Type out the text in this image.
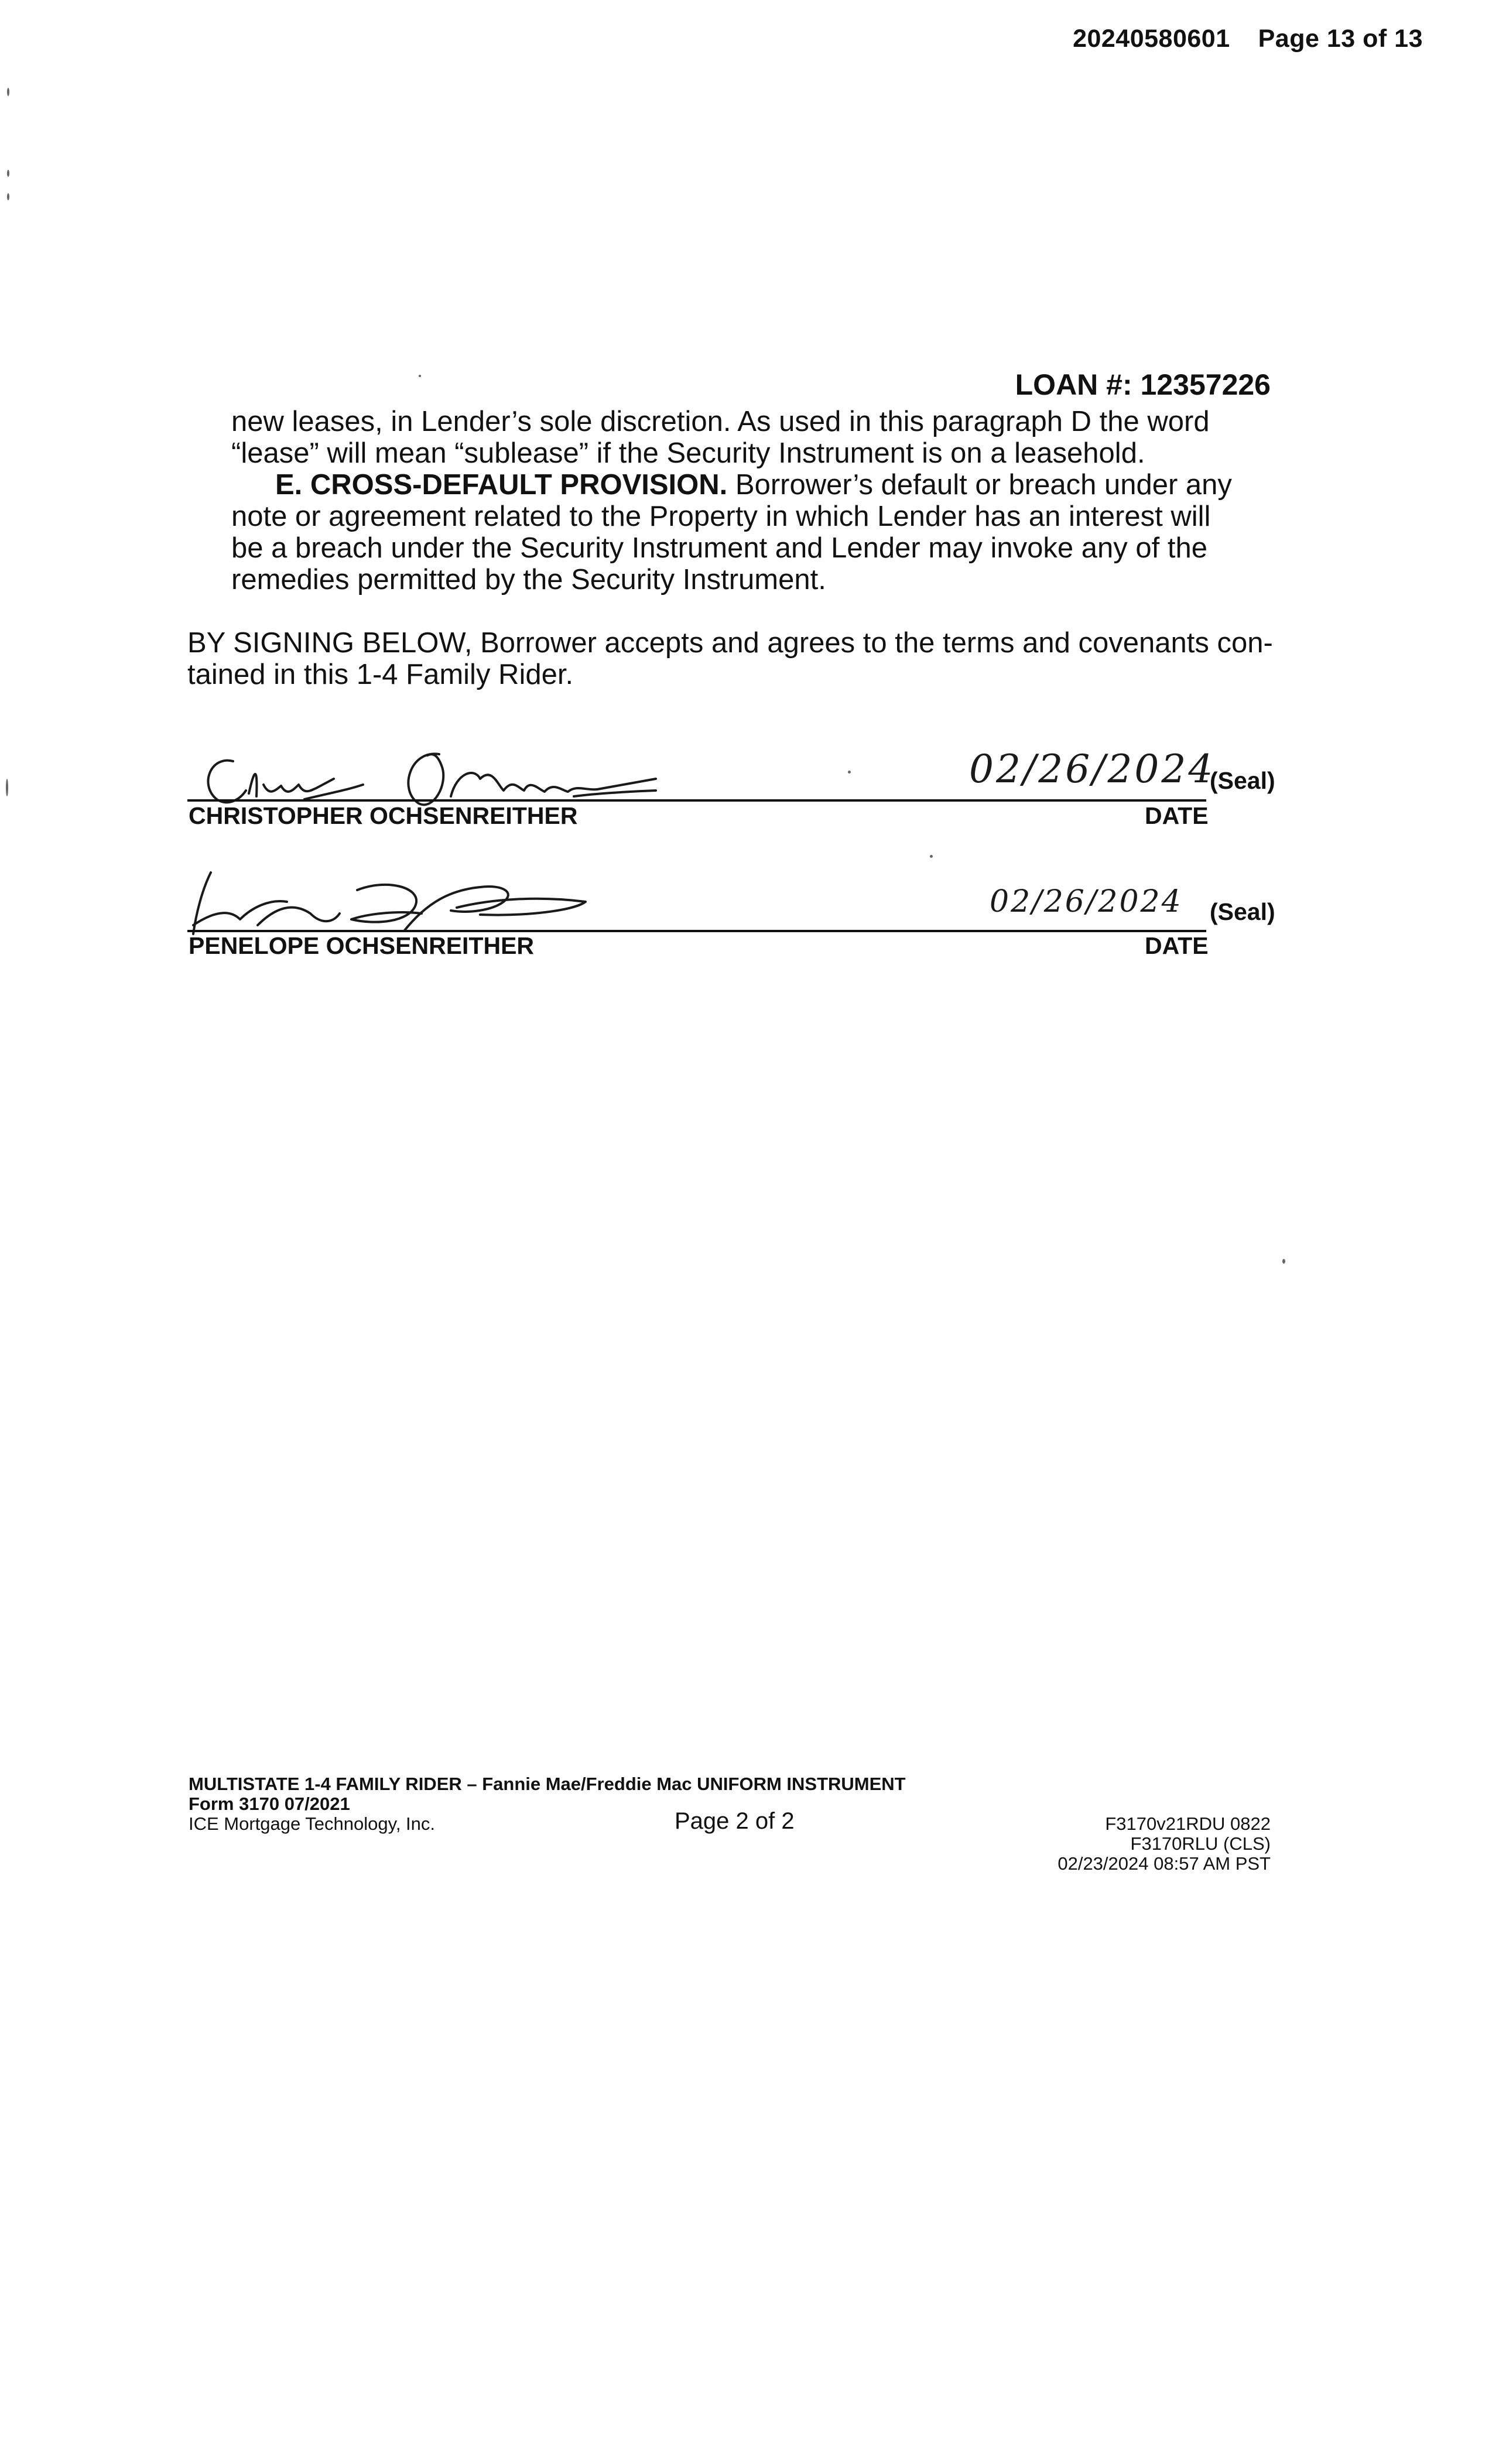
20240580601 Page 13 of 13
LOAN #: 12357226
new leases, in Lender’s sole discretion. As used in this paragraph D the word
“lease” will mean “sublease” if the Security Instrument is on a leasehold.
E. CROSS-DEFAULT PROVISION. Borrower’s default or breach under any
note or agreement related to the Property in which Lender has an interest will
be a breach under the Security Instrument and Lender may invoke any of the
remedies permitted by the Security Instrument.
BY SIGNING BELOW, Borrower accepts and agrees to the terms and covenants con-
tained in this 1-4 Family Rider.
02/26/2024
(Seal)
CHRISTOPHER OCHSENREITHER	DATE
02/26/2024 (Seal)
PENELOPE OCHSENREITHER	DATE
MULTISTATE 1-4 FAMILY RIDER – Fannie Mae/Freddie Mac UNIFORM INSTRUMENT
Form 3170 07/2021
ICE Mortgage Technology, Inc.	Page 2 of 2	F3170v21RDU 0822
F3170RLU (CLS)
02/23/2024 08:57 AM PST
